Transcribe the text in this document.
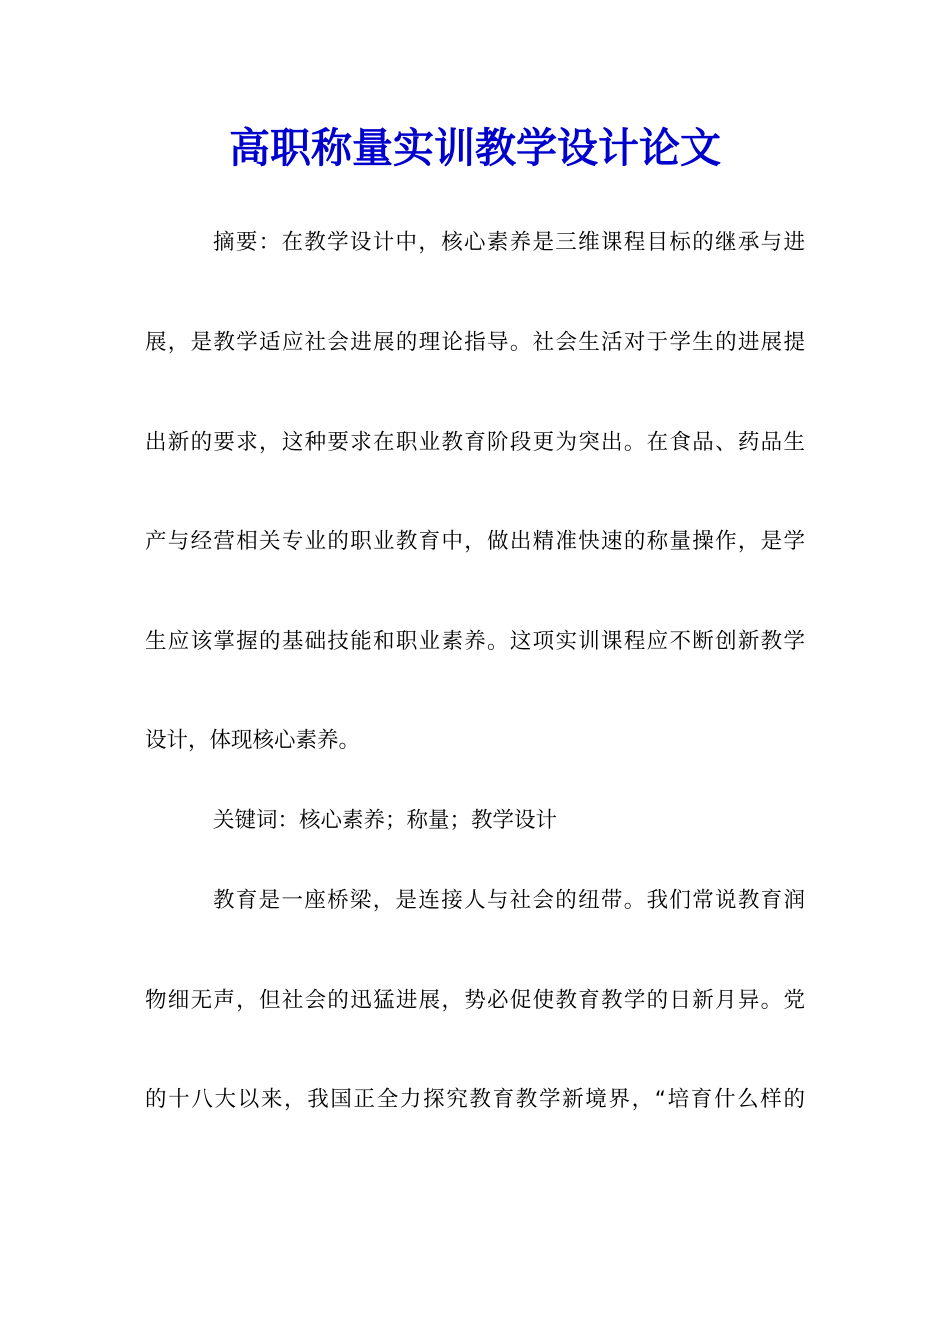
高职称量实训教学设计论文
摘要：在教学设计中，核心素养是三维课程目标的继承与进
展，是教学适应社会进展的理论指导。社会生活对于学生的进展提
出新的要求，这种要求在职业教育阶段更为突出。在食品、药品生
产与经营相关专业的职业教育中，做出精准快速的称量操作，是学
生应该掌握的基础技能和职业素养。这项实训课程应不断创新教学
设计，体现核心素养。
关键词：核心素养；称量；教学设计
教育是一座桥梁，是连接人与社会的纽带。我们常说教育润
物细无声，但社会的迅猛进展，势必促使教育教学的日新月异。党
的十八大以来，我国正全力探究教育教学新境界，“培育什么样的
